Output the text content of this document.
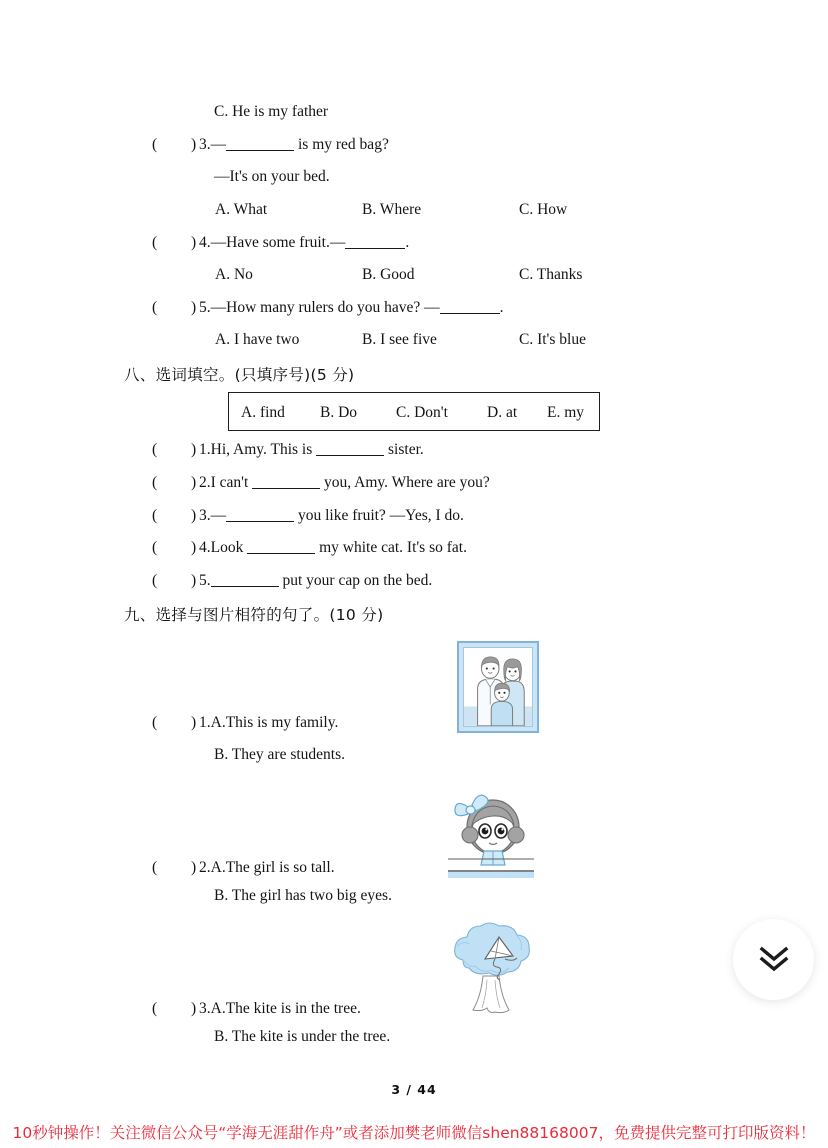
C. He is my father
( ) 3.—	is my red bag?
—It's on your bed.
A. What	B. Where	C. How
( ) 4.—Have some fruit.—	.
A. No	B. Good	C. Thanks
( ) 5.—How many rulers do you have? —	.
A. I have two	B. I see five	C. It's blue
八、选词填空。(只填序号)(5 分)
A. find B. Do	C. Don't	D. at E. my
( ) 1.Hi, Amy. This is	sister.
( ) 2.I can't	you, Amy. Where are you?
( ) 3.—	you like fruit? —Yes, I do.
( ) 4.Look	my white cat. It's so fat.
( ) 5.	put your cap on the bed.
九、选择与图片相符的句了。(10 分)
( ) 1.A.This is my family.
B. They are students.
( ) 2.A.The girl is so tall.
B. The girl has two big eyes.
( ) 3.A.The kite is in the tree.
B. The kite is under the tree.
3 / 44
10秒钟操作！关注微信公众号“学海无涯甜作舟”或者添加樊老师微信shen88168007，免费提供完整可打印版资料！
